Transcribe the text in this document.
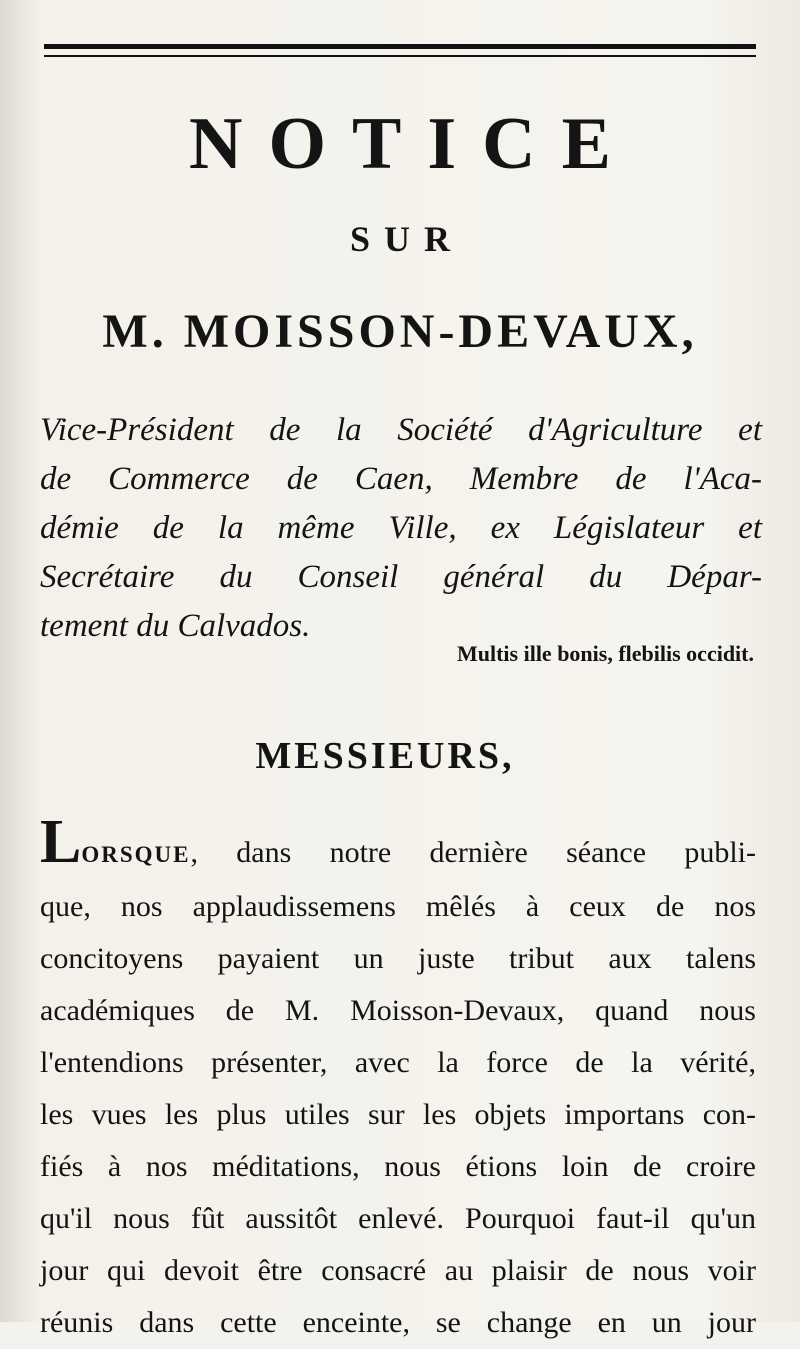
NOTICE
SUR
M. MOISSON-DEVAUX,
Vice-Président de la Société d'Agriculture et
de Commerce de Caen, Membre de l'Aca-
démie de la même Ville, ex Législateur et
Secrétaire du Conseil général du Dépar-
tement du Calvados.
Multis ille bonis, flebilis occidit.
MESSIEURS,
LORSQUE, dans notre dernière séance publi-
que, nos applaudissemens mêlés à ceux de nos
concitoyens payaient un juste tribut aux talens
académiques de M. Moisson-Devaux, quand nous
l'entendions présenter, avec la force de la vérité,
les vues les plus utiles sur les objets importans con-
fiés à nos méditations, nous étions loin de croire
qu'il nous fût aussitôt enlevé. Pourquoi faut-il qu'un
jour qui devoit être consacré au plaisir de nous voir
réunis dans cette enceinte, se change en un jour
